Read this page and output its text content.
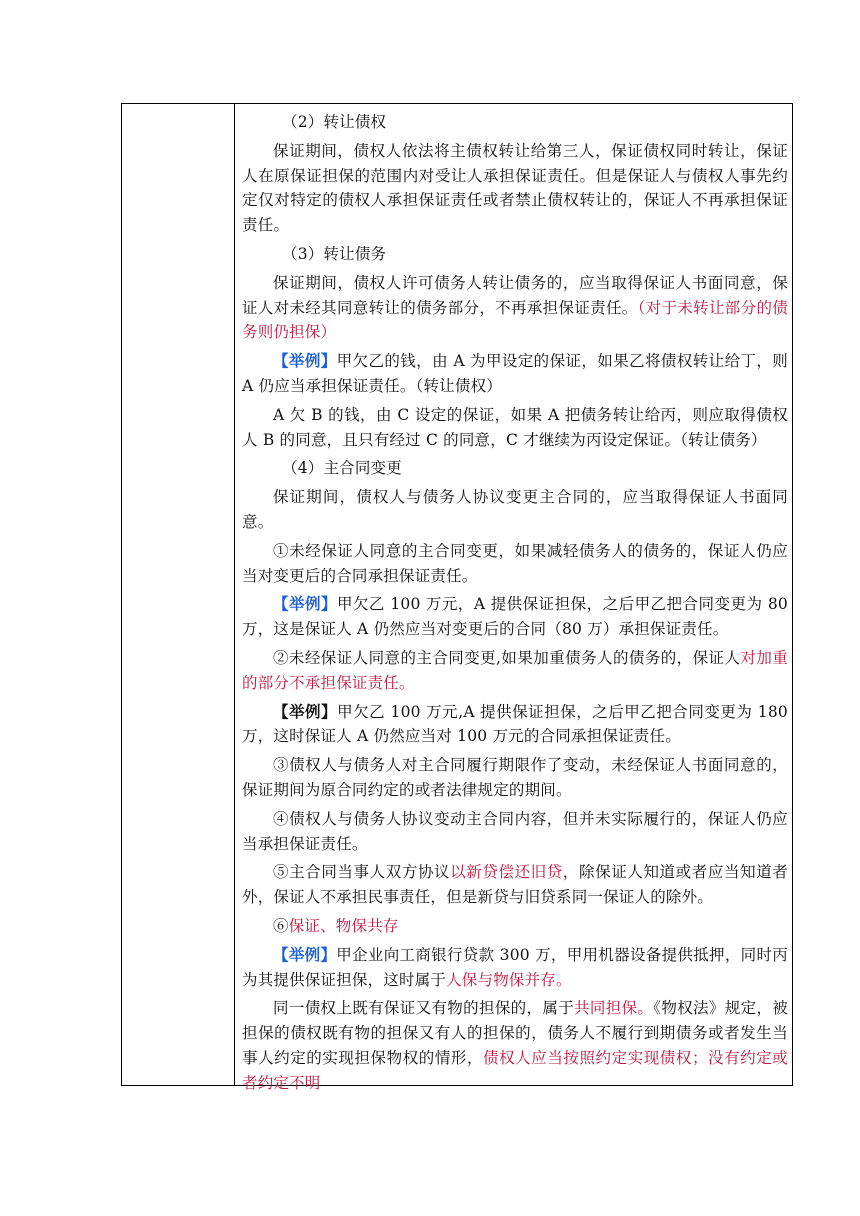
（2）转让债权

保证期间，债权人依法将主债权转让给第三人，保证债权同时转让，保证人在原保证担保的范围内对受让人承担保证责任。但是保证人与债权人事先约定仅对特定的债权人承担保证责任或者禁止债权转让的，保证人不再承担保证责任。

（3）转让债务

保证期间，债权人许可债务人转让债务的，应当取得保证人书面同意，保证人对未经其同意转让的债务部分，不再承担保证责任。（对于未转让部分的债务则仍担保）

【举例】甲欠乙的钱，由 A 为甲设定的保证，如果乙将债权转让给丁，则 A 仍应当承担保证责任。（转让债权）

A 欠 B 的钱，由 C 设定的保证，如果 A 把债务转让给丙，则应取得债权人 B 的同意，且只有经过 C 的同意，C 才继续为丙设定保证。（转让债务）

（4）主合同变更

保证期间，债权人与债务人协议变更主合同的，应当取得保证人书面同意。

①未经保证人同意的主合同变更，如果减轻债务人的债务的，保证人仍应当对变更后的合同承担保证责任。

【举例】甲欠乙 100 万元，A 提供保证担保，之后甲乙把合同变更为 80 万，这是保证人 A 仍然应当对变更后的合同（80 万）承担保证责任。

②未经保证人同意的主合同变更,如果加重债务人的债务的，保证人对加重的部分不承担保证责任。

【举例】甲欠乙 100 万元,A 提供保证担保，之后甲乙把合同变更为 180 万，这时保证人 A 仍然应当对 100 万元的合同承担保证责任。

③债权人与债务人对主合同履行期限作了变动，未经保证人书面同意的，保证期间为原合同约定的或者法律规定的期间。

④债权人与债务人协议变动主合同内容，但并未实际履行的，保证人仍应当承担保证责任。

⑤主合同当事人双方协议以新贷偿还旧贷，除保证人知道或者应当知道者外，保证人不承担民事责任，但是新贷与旧贷系同一保证人的除外。

⑥保证、物保共存

【举例】甲企业向工商银行贷款 300 万，甲用机器设备提供抵押，同时丙为其提供保证担保，这时属于人保与物保并存。

同一债权上既有保证又有物的担保的，属于共同担保。《物权法》规定，被担保的债权既有物的担保又有人的担保的，债务人不履行到期债务或者发生当事人约定的实现担保物权的情形，债权人应当按照约定实现债权；没有约定或者约定不明
